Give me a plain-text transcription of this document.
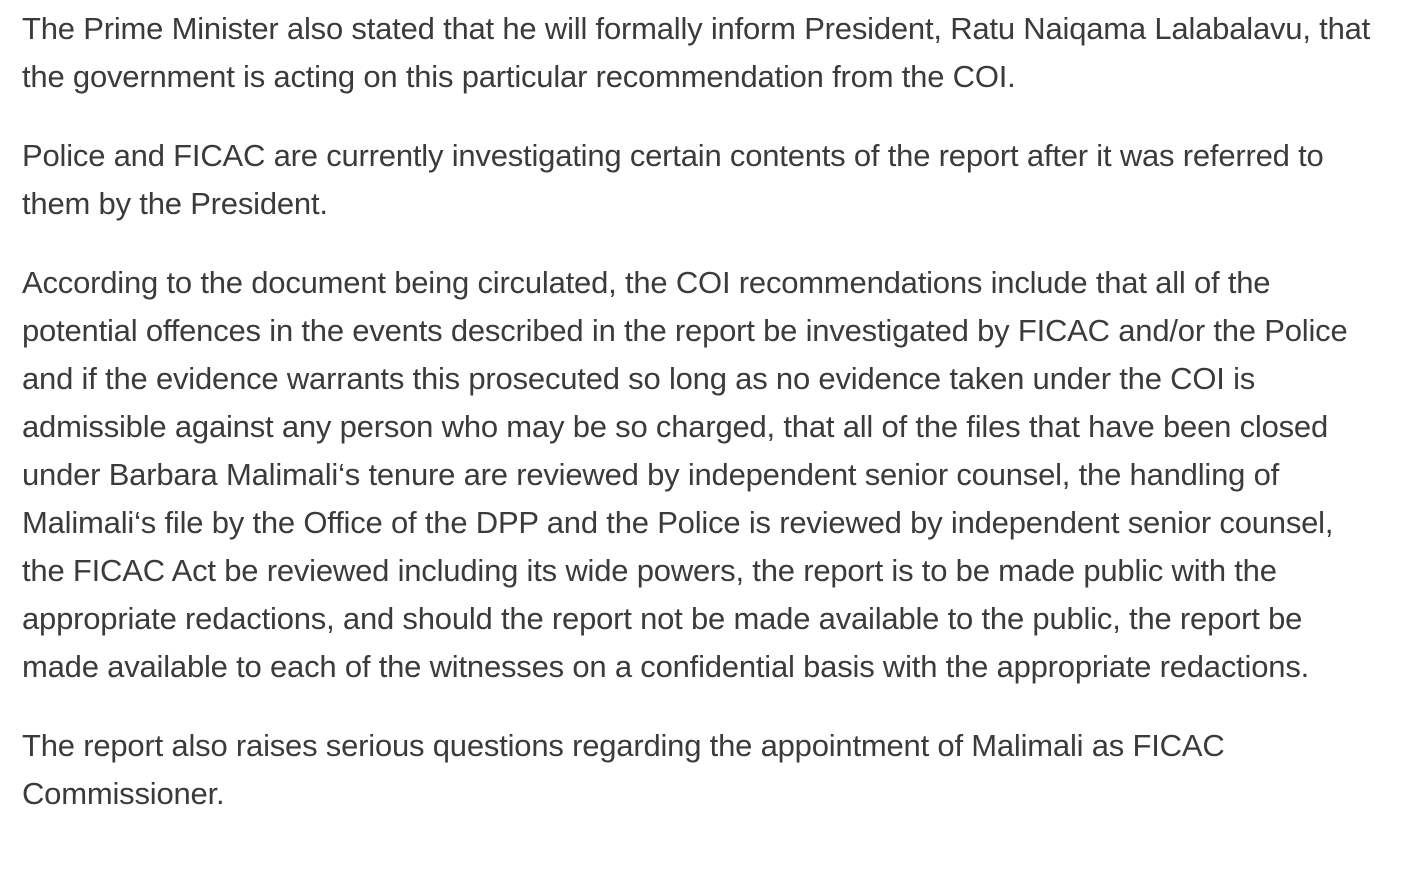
The Prime Minister also stated that he will formally inform President, Ratu Naiqama Lalabalavu, that the government is acting on this particular recommendation from the COI.

Police and FICAC are currently investigating certain contents of the report after it was referred to them by the President.

According to the document being circulated, the COI recommendations include that all of the potential offences in the events described in the report be investigated by FICAC and/or the Police and if the evidence warrants this prosecuted so long as no evidence taken under the COI is admissible against any person who may be so charged, that all of the files that have been closed under Barbara Malimali‘s tenure are reviewed by independent senior counsel, the handling of Malimali‘s file by the Office of the DPP and the Police is reviewed by independent senior counsel, the FICAC Act be reviewed including its wide powers, the report is to be made public with the appropriate redactions, and should the report not be made available to the public, the report be made available to each of the witnesses on a confidential basis with the appropriate redactions.

The report also raises serious questions regarding the appointment of Malimali as FICAC Commissioner.
